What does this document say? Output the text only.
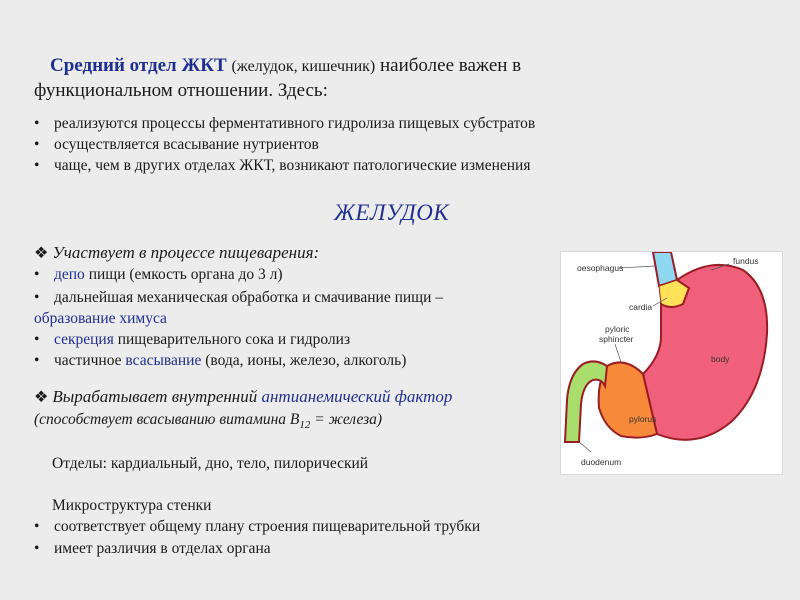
Средний отдел ЖКТ (желудок, кишечник) наиболее важен в
функциональном отношении. Здесь:
• реализуются процессы ферментативного гидролиза пищевых субстратов
• осуществляется всасывание нутриентов
• чаще, чем в других отделах ЖКТ, возникают патологические изменения
ЖЕЛУДОК
❖ Участвует в процессе пищеварения:
• депо пищи (емкость органа до 3 л)
• дальнейшая механическая обработка и смачивание пищи –
образование химуса
• секреция пищеварительного сока и гидролиз
• частичное всасывание (вода, ионы, железо, алкоголь)
❖ Вырабатывает внутренний антианемический фактор
(способствует всасыванию витамина $В_{12}$ = железа)
Отделы: кардиальный, дно, тело, пилорический
Микроструктура стенки
• соответствует общему плану строения пищеварительной трубки
• имеет различия в отделах органа
oesophagus
fundus
cardia
pyloric
sphincter
body
pylorus
duodenum
